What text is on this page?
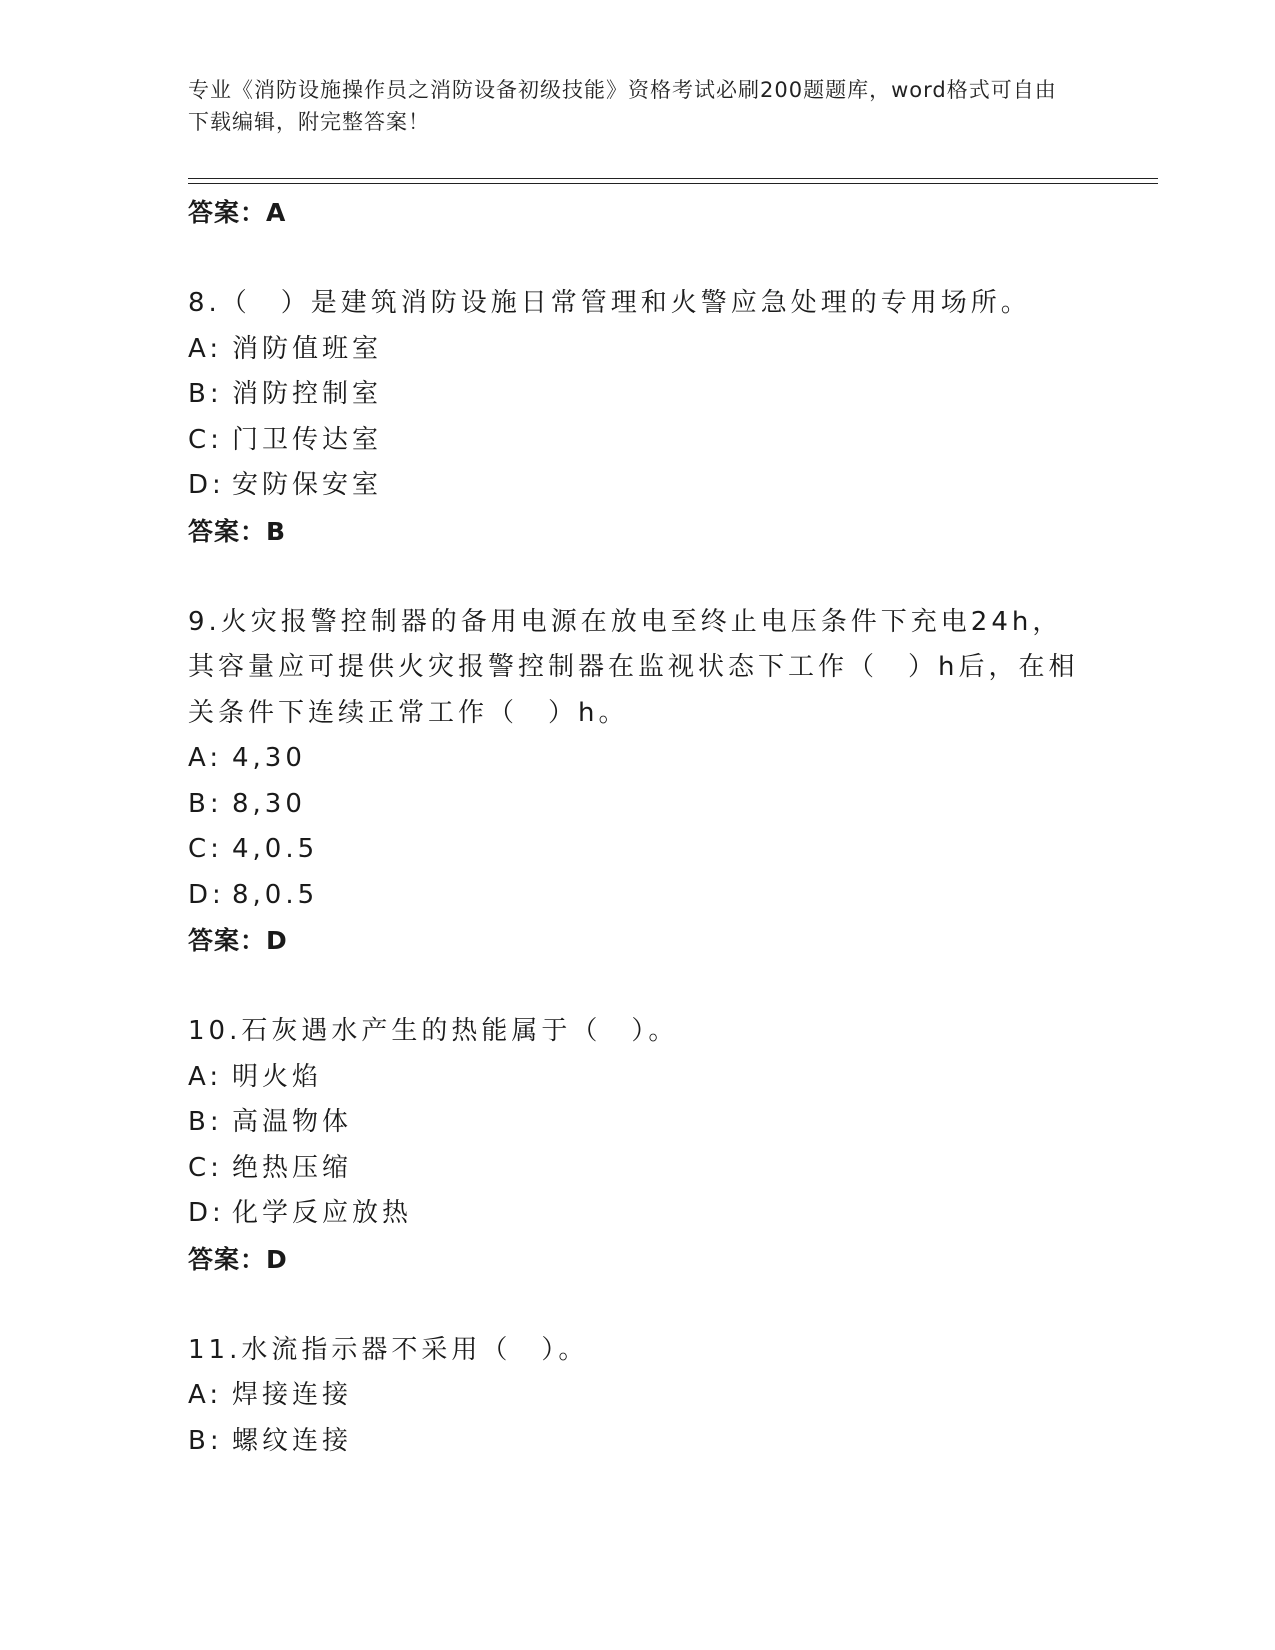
专业《消防设施操作员之消防设备初级技能》资格考试必刷200题题库，word格式可自由下载编辑，附完整答案！

答案：A

8.（　）是建筑消防设施日常管理和火警应急处理的专用场所。

A: 消防值班室

B: 消防控制室

C: 门卫传达室

D: 安防保安室

答案：B

9.火灾报警控制器的备用电源在放电至终止电压条件下充电24h，其容量应可提供火灾报警控制器在监视状态下工作（　）h后，在相关条件下连续正常工作（　）h。

A: 4,30

B: 8,30

C: 4,0.5

D: 8,0.5

答案：D

10.石灰遇水产生的热能属于（　）。

A: 明火焰

B: 高温物体

C: 绝热压缩

D: 化学反应放热

答案：D

11.水流指示器不采用（　）。

A: 焊接连接

B: 螺纹连接
